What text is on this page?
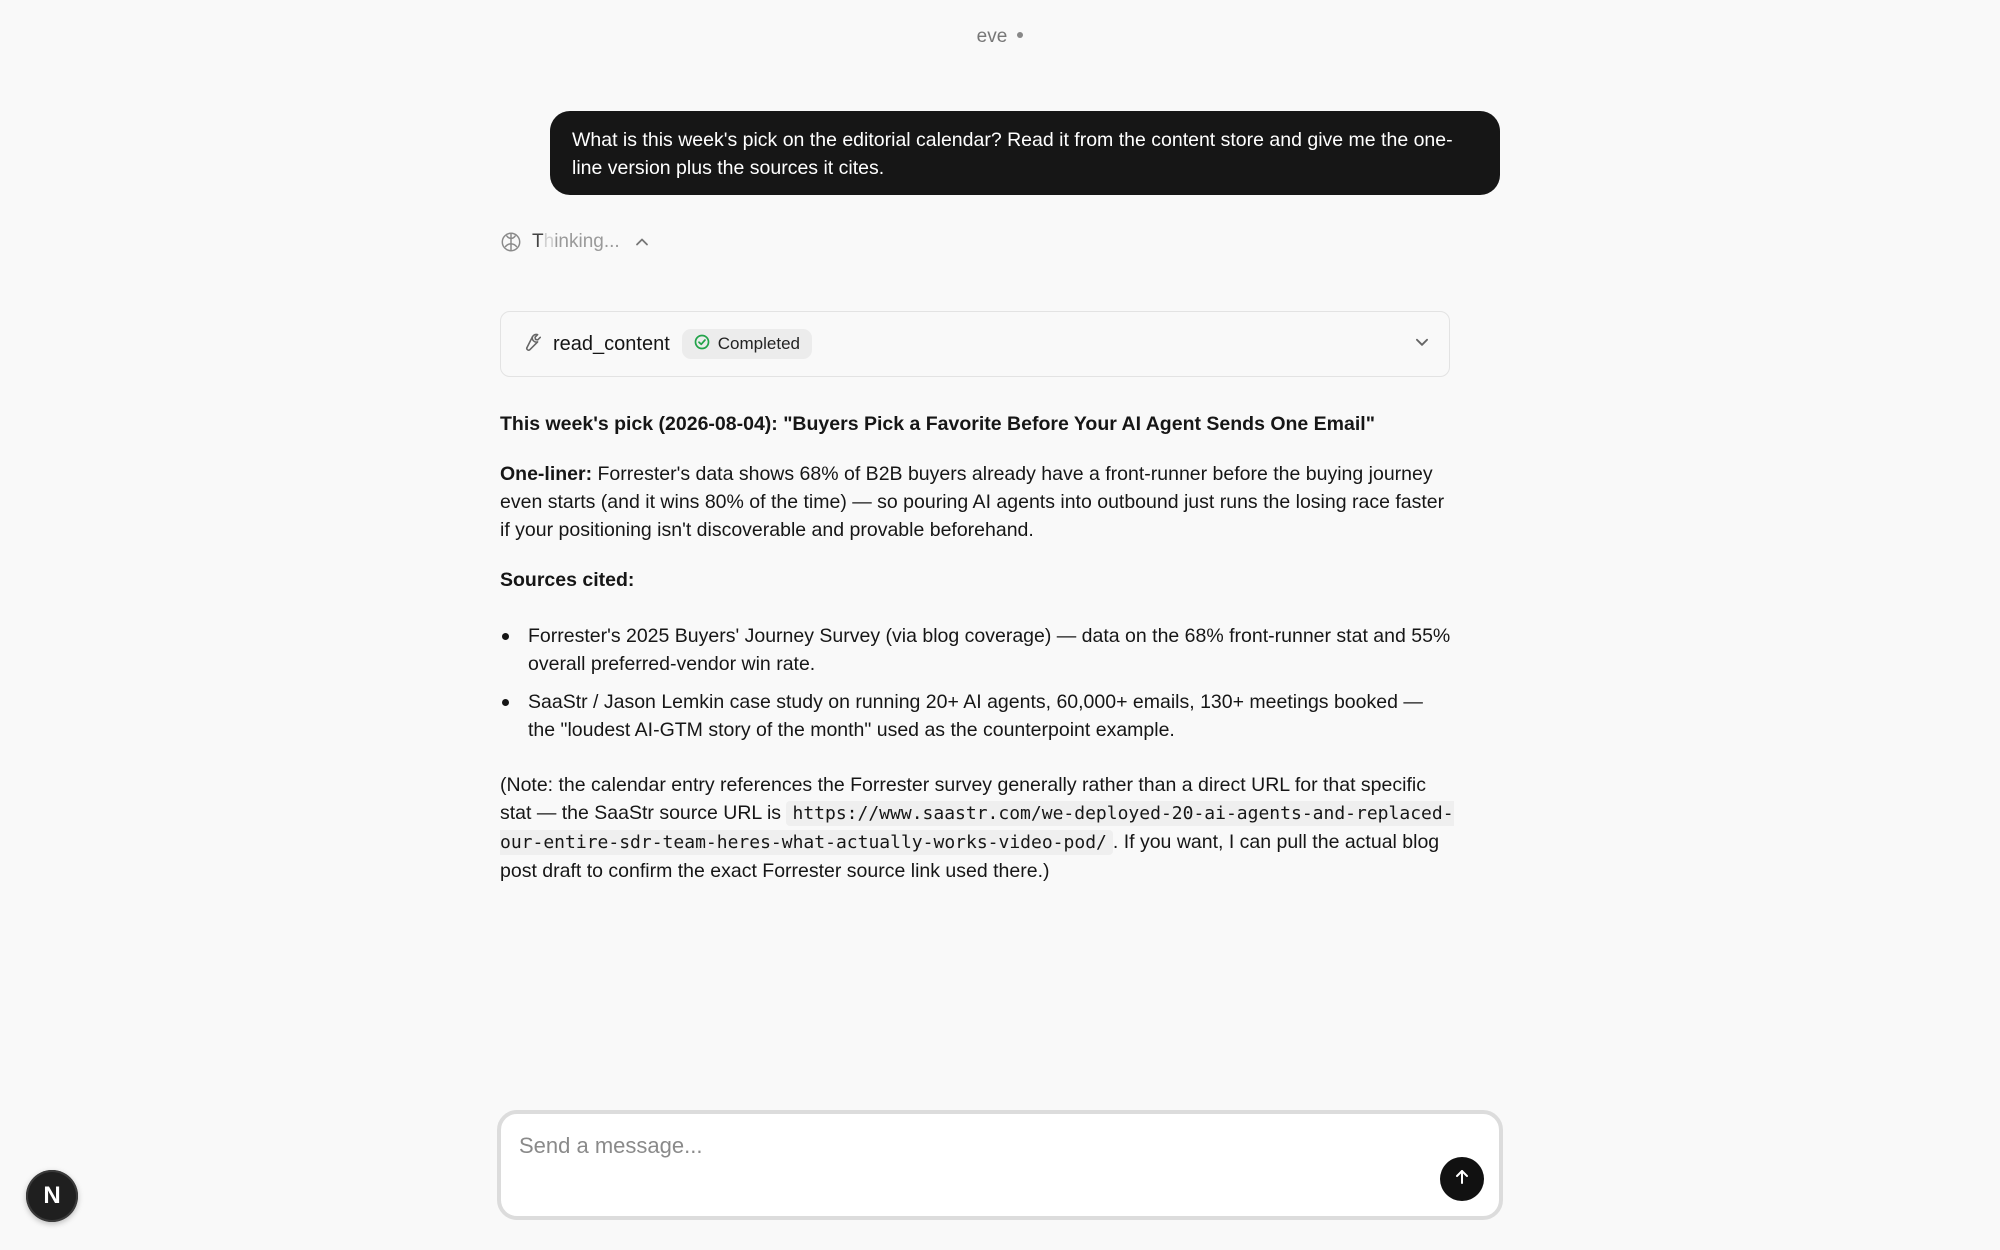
eve
What is this week's pick on the editorial calendar? Read it from the content store and give me the one-line version plus the sources it cites.
Thinking...
read_content	Completed

This week's pick (2026-08-04): "Buyers Pick a Favorite Before Your AI Agent Sends One Email"

One-liner: Forrester's data shows 68% of B2B buyers already have a front-runner before the buying journey even starts (and it wins 80% of the time) — so pouring AI agents into outbound just runs the losing race faster if your positioning isn't discoverable and provable beforehand.

Sources cited:

Forrester's 2025 Buyers' Journey Survey (via blog coverage) — data on the 68% front-runner stat and 55% overall preferred-vendor win rate.
SaaStr / Jason Lemkin case study on running 20+ AI agents, 60,000+ emails, 130+ meetings booked — the "loudest AI-GTM story of the month" used as the counterpoint example.

(Note: the calendar entry references the Forrester survey generally rather than a direct URL for that specific stat — the SaaStr source URL is https://www.saastr.com/we-deployed-20-ai-agents-and-replaced-our-entire-sdr-team-heres-what-actually-works-video-pod/ . If you want, I can pull the actual blog post draft to confirm the exact Forrester source link used there.)

Send a message...
N
